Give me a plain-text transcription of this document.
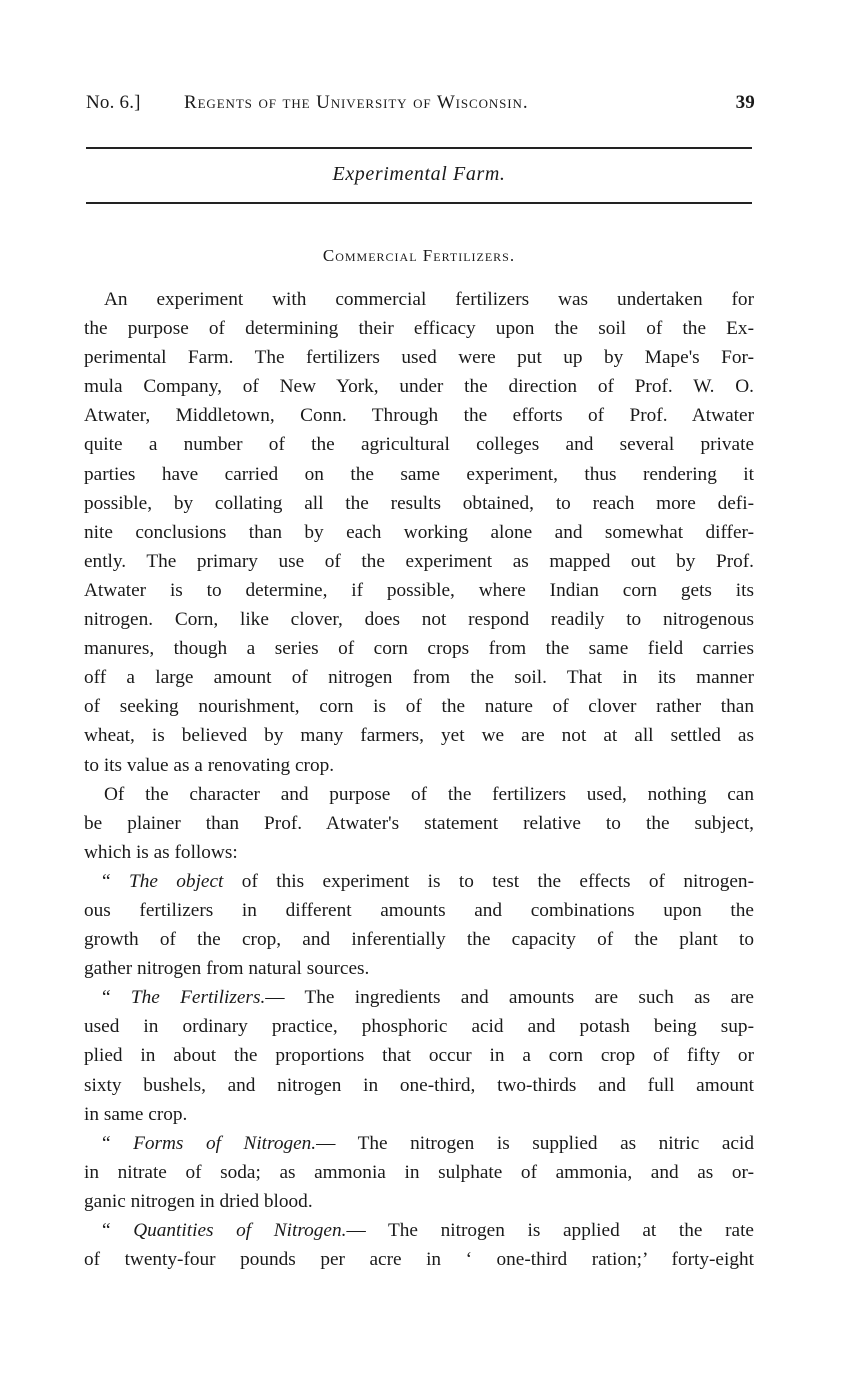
No. 6.] Regents of the University of Wisconsin.	39
Experimental Farm.
Commercial Fertilizers.
An experiment with commercial fertilizers was undertaken for
the purpose of determining their efficacy upon the soil of the Ex-
perimental Farm. The fertilizers used were put up by Mape's For-
mula Company, of New York, under the direction of Prof. W. O.
Atwater, Middletown, Conn. Through the efforts of Prof. Atwater
quite a number of the agricultural colleges and several private
parties have carried on the same experiment, thus rendering it
possible, by collating all the results obtained, to reach more defi-
nite conclusions than by each working alone and somewhat differ-
ently. The primary use of the experiment as mapped out by Prof.
Atwater is to determine, if possible, where Indian corn gets its
nitrogen. Corn, like clover, does not respond readily to nitrogenous
manures, though a series of corn crops from the same field carries
off a large amount of nitrogen from the soil. That in its manner
of seeking nourishment, corn is of the nature of clover rather than
wheat, is believed by many farmers, yet we are not at all settled as
to its value as a renovating crop.
Of the character and purpose of the fertilizers used, nothing can
be plainer than Prof. Atwater's statement relative to the subject,
which is as follows:
“ The object of this experiment is to test the effects of nitrogen-
ous fertilizers in different amounts and combinations upon the
growth of the crop, and inferentially the capacity of the plant to
gather nitrogen from natural sources.
“ The Fertilizers.— The ingredients and amounts are such as are
used in ordinary practice, phosphoric acid and potash being sup-
plied in about the proportions that occur in a corn crop of fifty or
sixty bushels, and nitrogen in one-third, two-thirds and full amount
in same crop.
“ Forms of Nitrogen.— The nitrogen is supplied as nitric acid
in nitrate of soda; as ammonia in sulphate of ammonia, and as or-
ganic nitrogen in dried blood.
“ Quantities of Nitrogen.— The nitrogen is applied at the rate
of twenty-four pounds per acre in ‘ one-third ration;’ forty-eight
